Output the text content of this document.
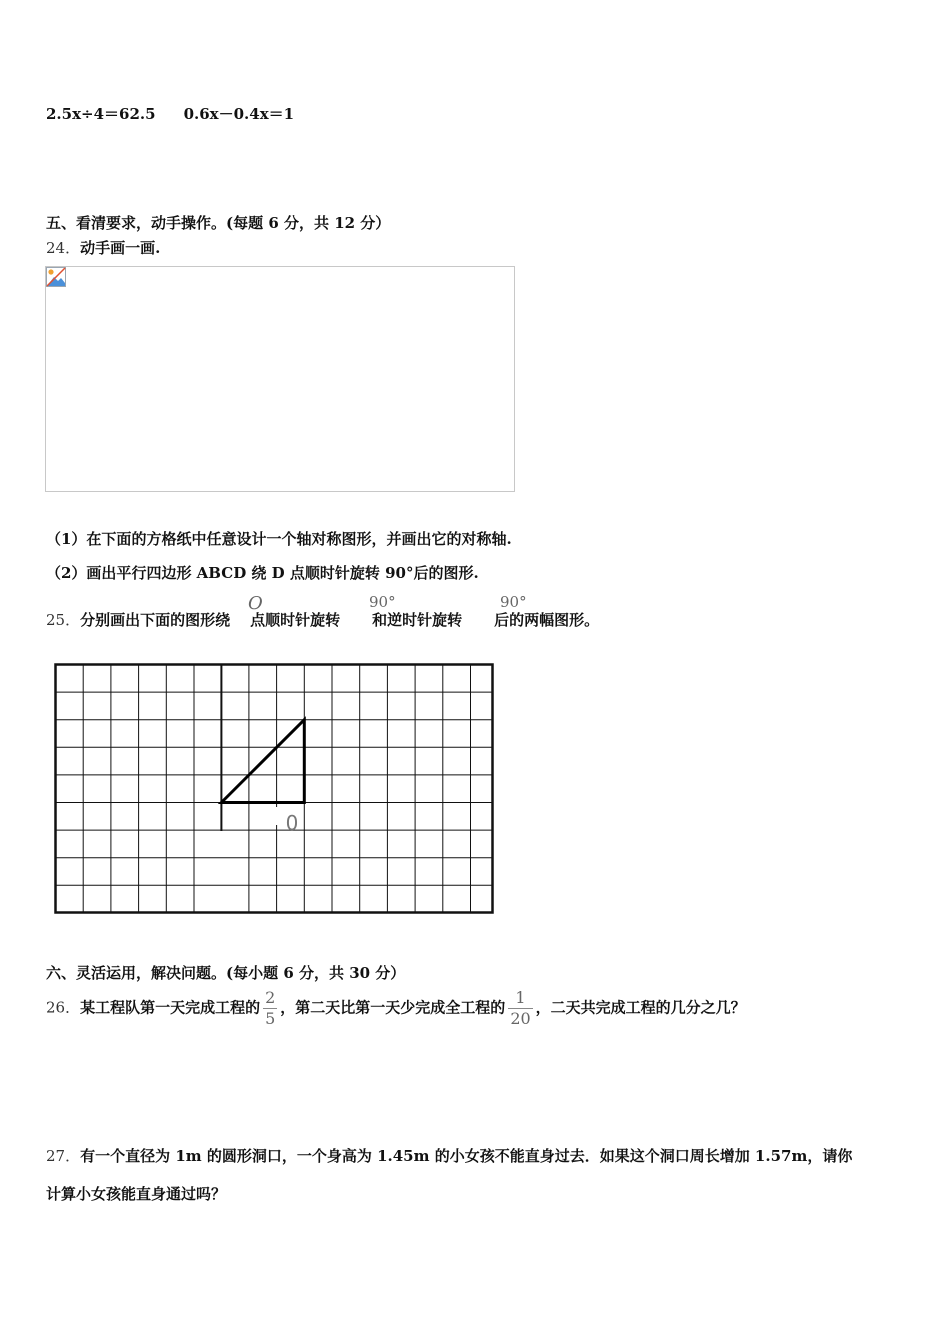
2.5x÷4＝62.5 0.6x－0.4x＝1
五、看清要求，动手操作。(每题 6 分，共 12 分）
24．动手画一画.
（1）在下面的方格纸中任意设计一个轴对称图形，并画出它的对称轴.
（2）画出平行四边形 ABCD 绕 D 点顺时针旋转 90°后的图形.
25．分别画出下面的图形绕 点顺时针旋转 和逆时针旋转 后的两幅图形。
O	90°	90°
0
六、灵活运用，解决问题。(每小题 6 分，共 30 分）
26．某工程队第一天完成工程的 $\frac{2}{5}$ ，第二天比第一天少完成全工程的 $\frac{1}{20}$ ，二天共完成工程的几分之几？
27．有一个直径为 1m 的圆形洞口，一个身高为 1.45m 的小女孩不能直身过去．如果这个洞口周长增加 1.57m，请你
计算小女孩能直身通过吗？
